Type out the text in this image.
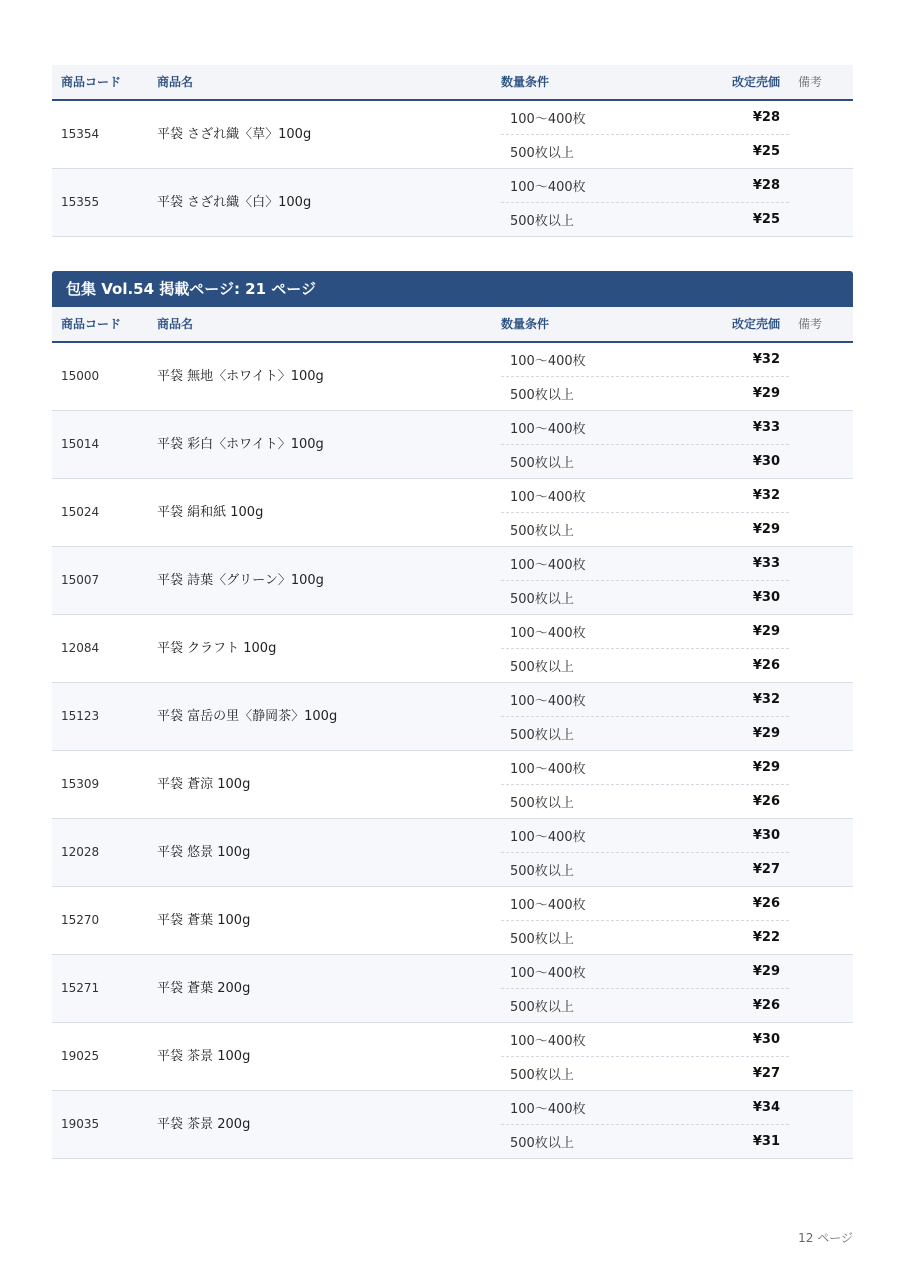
商品コード	商品名	数量条件	改定売価 備考
15354	平袋 さざれ織〈草〉100g
100〜400枚	¥28
500枚以上	¥25
15355	平袋 さざれ織〈白〉100g
100〜400枚	¥28
500枚以上	¥25
包集 Vol.54 掲載ページ: 21 ページ
商品コード	商品名	数量条件	改定売価 備考
15000	平袋 無地〈ホワイト〉100g
100〜400枚	¥32
500枚以上	¥29
15014	平袋 彩白〈ホワイト〉100g
100〜400枚	¥33
500枚以上	¥30
15024	平袋 絹和紙 100g
100〜400枚	¥32
500枚以上	¥29
15007	平袋 詩葉〈グリーン〉100g
100〜400枚	¥33
500枚以上	¥30
12084	平袋 クラフト 100g
100〜400枚	¥29
500枚以上	¥26
15123	平袋 富岳の里〈静岡茶〉100g
100〜400枚	¥32
500枚以上	¥29
15309	平袋 蒼涼 100g
100〜400枚	¥29
500枚以上	¥26
12028	平袋 悠景 100g
100〜400枚	¥30
500枚以上	¥27
15270	平袋 蒼葉 100g
100〜400枚	¥26
500枚以上	¥22
15271	平袋 蒼葉 200g
100〜400枚	¥29
500枚以上	¥26
19025	平袋 茶景 100g
100〜400枚	¥30
500枚以上	¥27
19035	平袋 茶景 200g
100〜400枚	¥34
500枚以上	¥31
12 ページ
